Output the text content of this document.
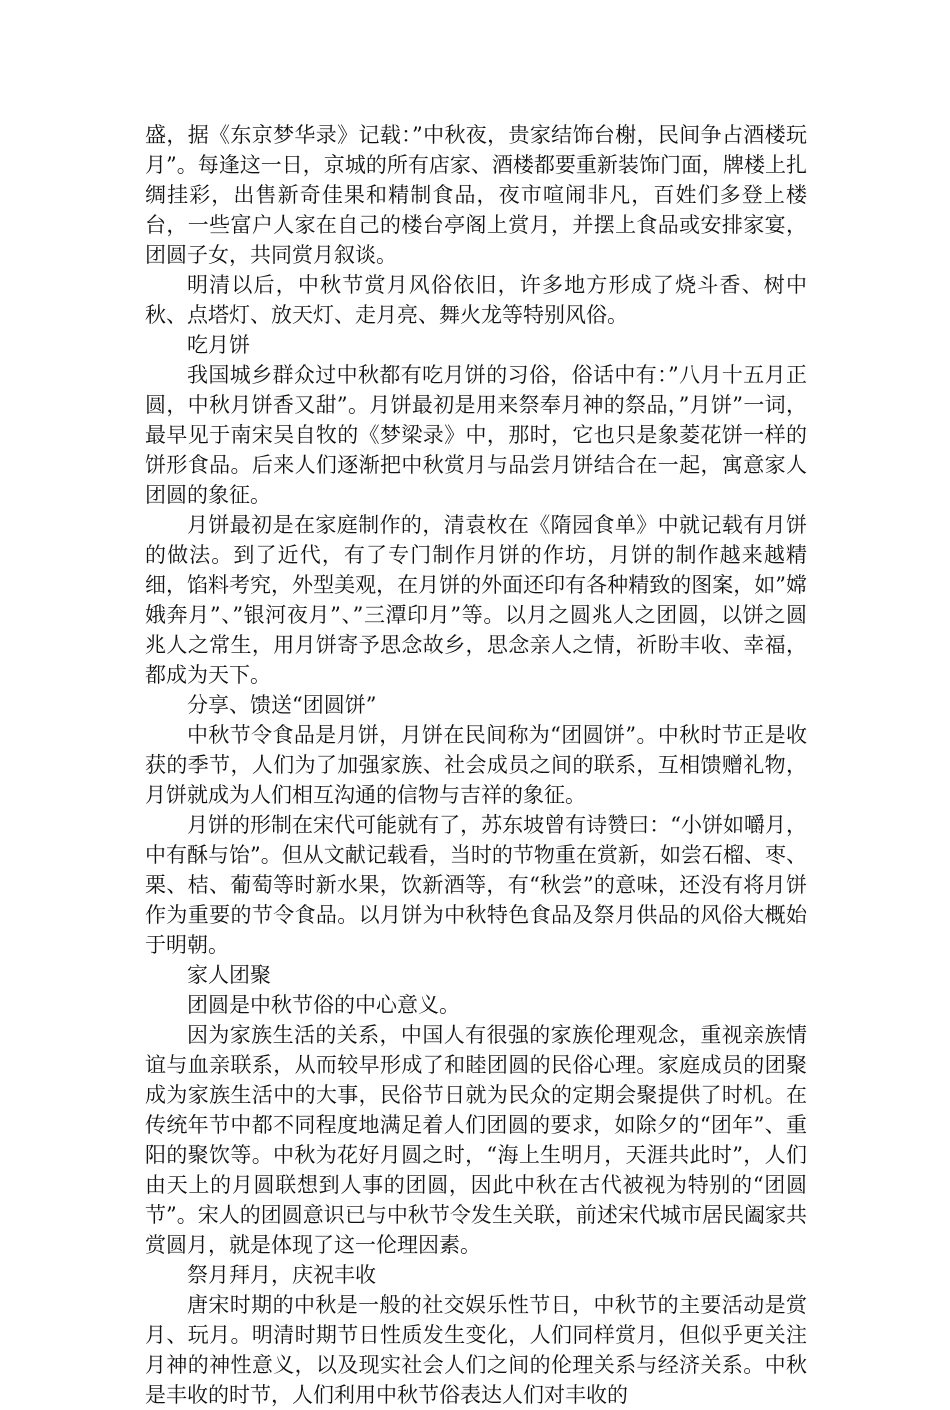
盛，据《东京梦华录》记载：”中秋夜，贵家结饰台榭，民间争占酒楼玩月”。每逢这一日，京城的所有店家、酒楼都要重新装饰门面，牌楼上扎绸挂彩，出售新奇佳果和精制食品，夜市喧闹非凡，百姓们多登上楼台，一些富户人家在自己的楼台亭阁上赏月，并摆上食品或安排家宴，团圆子女，共同赏月叙谈。

明清以后，中秋节赏月风俗依旧，许多地方形成了烧斗香、树中秋、点塔灯、放天灯、走月亮、舞火龙等特别风俗。

吃月饼

我国城乡群众过中秋都有吃月饼的习俗，俗话中有：”八月十五月正圆，中秋月饼香又甜”。月饼最初是用来祭奉月神的祭品，”月饼”一词，最早见于南宋吴自牧的《梦梁录》中，那时，它也只是象菱花饼一样的饼形食品。后来人们逐渐把中秋赏月与品尝月饼结合在一起，寓意家人团圆的象征。

月饼最初是在家庭制作的，清袁枚在《隋园食单》中就记载有月饼的做法。到了近代，有了专门制作月饼的作坊，月饼的制作越来越精细，馅料考究，外型美观，在月饼的外面还印有各种精致的图案，如”嫦娥奔月”、”银河夜月”、”三潭印月”等。以月之圆兆人之团圆，以饼之圆兆人之常生，用月饼寄予思念故乡，思念亲人之情，祈盼丰收、幸福，都成为天下。

分享、馈送“团圆饼”

中秋节令食品是月饼，月饼在民间称为“团圆饼”。中秋时节正是收获的季节，人们为了加强家族、社会成员之间的联系，互相馈赠礼物，月饼就成为人们相互沟通的信物与吉祥的象征。

月饼的形制在宋代可能就有了，苏东坡曾有诗赞曰：“小饼如嚼月，中有酥与饴”。但从文献记载看，当时的节物重在赏新，如尝石榴、枣、栗、桔、葡萄等时新水果，饮新酒等，有“秋尝”的意味，还没有将月饼作为重要的节令食品。以月饼为中秋特色食品及祭月供品的风俗大概始于明朝。

家人团聚

团圆是中秋节俗的中心意义。

因为家族生活的关系，中国人有很强的家族伦理观念，重视亲族情谊与血亲联系，从而较早形成了和睦团圆的民俗心理。家庭成员的团聚成为家族生活中的大事，民俗节日就为民众的定期会聚提供了时机。在传统年节中都不同程度地满足着人们团圆的要求，如除夕的“团年”、重阳的聚饮等。中秋为花好月圆之时，“海上生明月，天涯共此时”，人们由天上的月圆联想到人事的团圆，因此中秋在古代被视为特别的“团圆节”。宋人的团圆意识已与中秋节令发生关联，前述宋代城市居民阖家共赏圆月，就是体现了这一伦理因素。

祭月拜月，庆祝丰收

唐宋时期的中秋是一般的社交娱乐性节日，中秋节的主要活动是赏月、玩月。明清时期节日性质发生变化，人们同样赏月，但似乎更关注月神的神性意义，以及现实社会人们之间的伦理关系与经济关系。中秋是丰收的时节，人们利用中秋节俗表达人们对丰收的
